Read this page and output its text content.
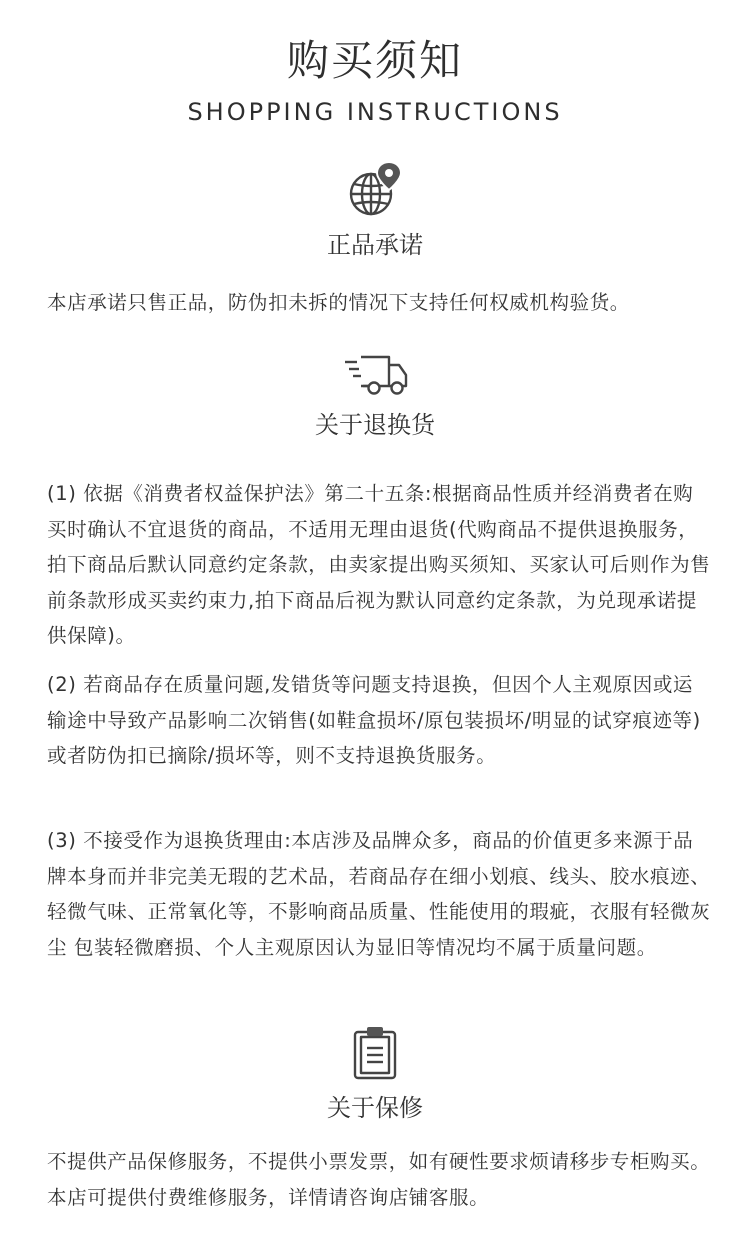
购买须知
SHOPPING INSTRUCTIONS
正品承诺
本店承诺只售正品，防伪扣未拆的情况下支持任何权威机构验货。
关于退换货
(1) 依据《消费者权益保护法》第二十五条:根据商品性质并经消费者在购买时确认不宜退货的商品，不适用无理由退货(代购商品不提供退换服务，拍下商品后默认同意约定条款，由卖家提出购买须知、买家认可后则作为售前条款形成买卖约束力,拍下商品后视为默认同意约定条款，为兑现承诺提供保障)。
(2) 若商品存在质量问题,发错货等问题支持退换，但因个人主观原因或运输途中导致产品影响二次销售(如鞋盒损坏/原包装损坏/明显的试穿痕迹等)或者防伪扣已摘除/损坏等，则不支持退换货服务。
(3) 不接受作为退换货理由:本店涉及品牌众多，商品的价值更多来源于品牌本身而并非完美无瑕的艺术品，若商品存在细小划痕、线头、胶水痕迹、轻微气味、正常氧化等，不影响商品质量、性能使用的瑕疵，衣服有轻微灰尘 包装轻微磨损、个人主观原因认为显旧等情况均不属于质量问题。
关于保修
不提供产品保修服务，不提供小票发票，如有硬性要求烦请移步专柜购买。本店可提供付费维修服务，详情请咨询店铺客服。
